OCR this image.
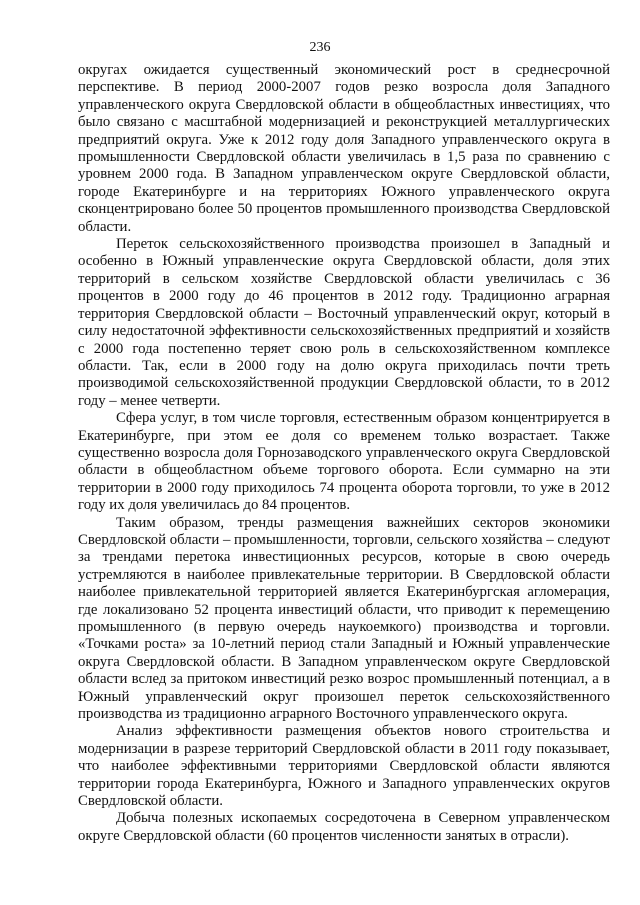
236

округах ожидается существенный экономический рост в среднесрочной перспективе. В период 2000-2007 годов резко возросла доля Западного управленческого округа Свердловской области в общеобластных инвестициях, что было связано с масштабной модернизацией и реконструкцией металлургических предприятий округа. Уже к 2012 году доля Западного управленческого округа в промышленности Свердловской области увеличилась в 1,5 раза по сравнению с уровнем 2000 года. В Западном управленческом округе Свердловской области, городе Екатеринбурге и на территориях Южного управленческого округа сконцентрировано более 50 процентов промышленного производства Свердловской области.

Переток сельскохозяйственного производства произошел в Западный и особенно в Южный управленческие округа Свердловской области, доля этих территорий в сельском хозяйстве Свердловской области увеличилась с 36 процентов в 2000 году до 46 процентов в 2012 году. Традиционно аграрная территория Свердловской области – Восточный управленческий округ, который в силу недостаточной эффективности сельскохозяйственных предприятий и хозяйств с 2000 года постепенно теряет свою роль в сельскохозяйственном комплексе области. Так, если в 2000 году на долю округа приходилась почти треть производимой сельскохозяйственной продукции Свердловской области, то в 2012 году – менее четверти.

Сфера услуг, в том числе торговля, естественным образом концентрируется в Екатеринбурге, при этом ее доля со временем только возрастает. Также существенно возросла доля Горнозаводского управленческого округа Свердловской области в общеобластном объеме торгового оборота. Если суммарно на эти территории в 2000 году приходилось 74 процента оборота торговли, то уже в 2012 году их доля увеличилась до 84 процентов.

Таким образом, тренды размещения важнейших секторов экономики Свердловской области – промышленности, торговли, сельского хозяйства – следуют за трендами перетока инвестиционных ресурсов, которые в свою очередь устремляются в наиболее привлекательные территории. В Свердловской области наиболее привлекательной территорией является Екатеринбургская агломерация, где локализовано 52 процента инвестиций области, что приводит к перемещению промышленного (в первую очередь наукоемкого) производства и торговли. «Точками роста» за 10-летний период стали Западный и Южный управленческие округа Свердловской области. В Западном управленческом округе Свердловской области вслед за притоком инвестиций резко возрос промышленный потенциал, а в Южный управленческий округ произошел переток сельскохозяйственного производства из традиционно аграрного Восточного управленческого округа.

Анализ эффективности размещения объектов нового строительства и модернизации в разрезе территорий Свердловской области в 2011 году показывает, что наиболее эффективными территориями Свердловской области являются территории города Екатеринбурга, Южного и Западного управленческих округов Свердловской области.

Добыча полезных ископаемых сосредоточена в Северном управленческом округе Свердловской области (60 процентов численности занятых в отрасли).
